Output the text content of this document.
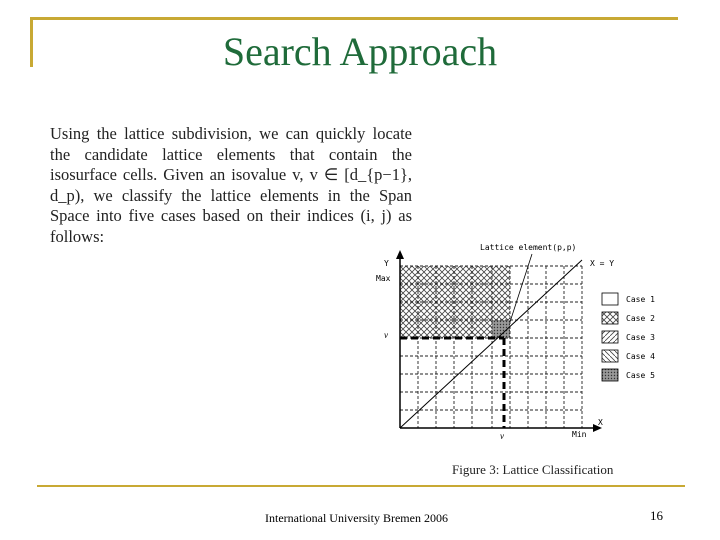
Search Approach

Using the lattice subdivision, we can quickly locate the candidate lattice elements that contain the isosurface cells. Given an isovalue v, v ∈ [d_{p−1}, d_p), we classify the lattice elements in the Span Space into five cases based on their indices (i, j) as follows:

Y
Max
Lattice element(p,p)
X = Y
v
v
X
Min
Case 1
Case 2
Case 3
Case 4
Case 5
Figure 3: Lattice Classification
International University Bremen 2006	16
